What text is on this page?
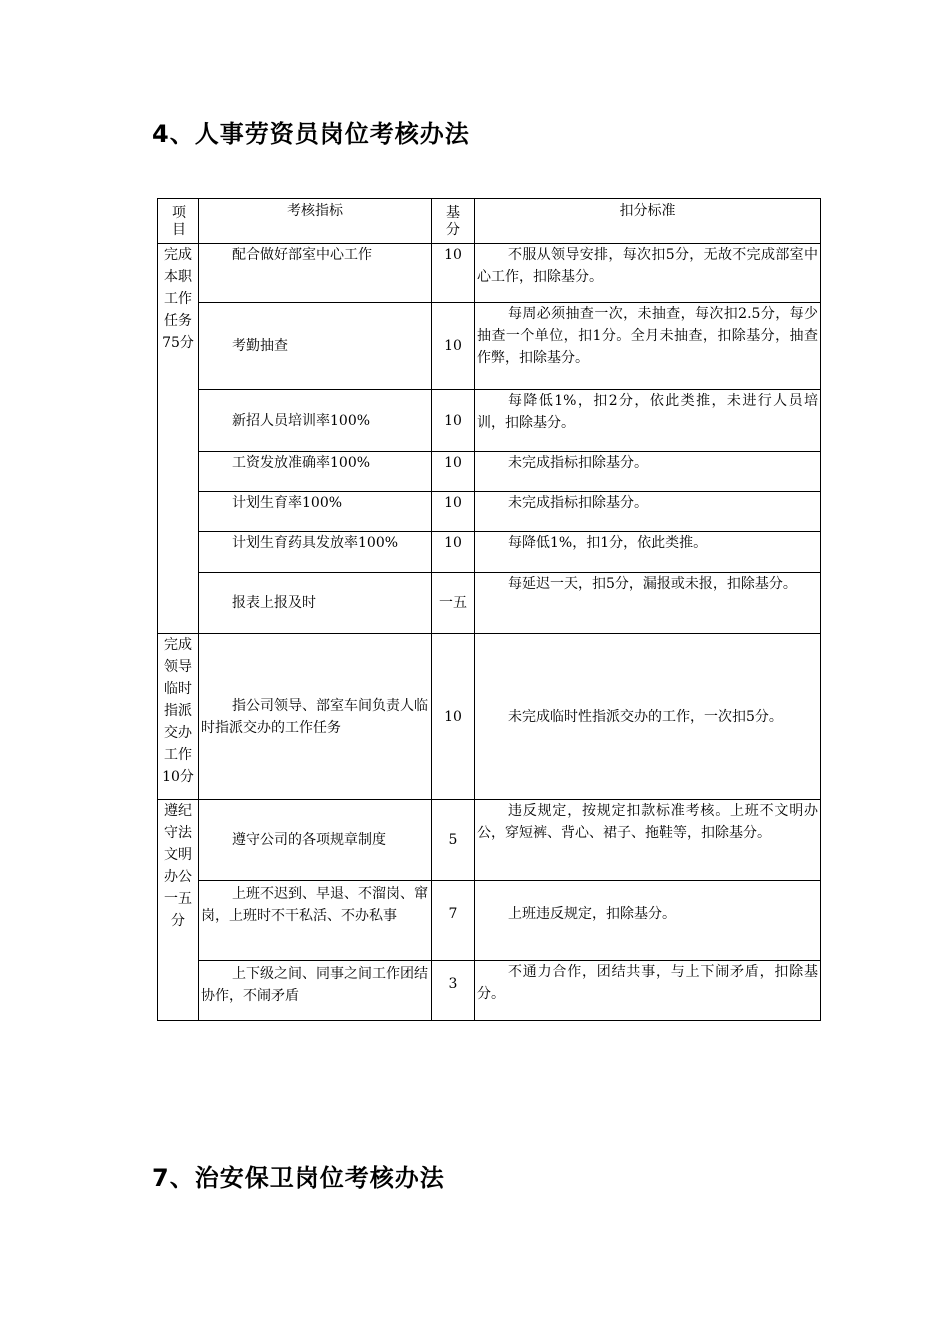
4、人事劳资员岗位考核办法
项目	考核指标	基分	扣分标准

完成本职工作任务75分	配合做好部室中心工作	10	不服从领导安排，每次扣5分，无故不完成部室中心工作，扣除基分。
	考勤抽查	10	每周必须抽查一次，未抽查，每次扣2.5分，每少抽查一个单位，扣1分。全月未抽查，扣除基分，抽查作弊，扣除基分。
	新招人员培训率100%	10	每降低1%，扣2分，依此类推，未进行人员培训，扣除基分。
	工资发放准确率100%	10	未完成指标扣除基分。
	计划生育率100%	10	未完成指标扣除基分。
	计划生育药具发放率100%	10	每降低1%，扣1分，依此类推。
	报表上报及时	一五	每延迟一天，扣5分，漏报或未报，扣除基分。

完成领导临时指派交办工作10分	指公司领导、部室车间负责人临时指派交办的工作任务	10	未完成临时性指派交办的工作，一次扣5分。

遵纪守法文明办公一五分	遵守公司的各项规章制度	5	违反规定，按规定扣款标准考核。上班不文明办公，穿短裤、背心、裙子、拖鞋等，扣除基分。
	上班不迟到、早退、不溜岗、窜岗，上班时不干私活、不办私事	7	上班违反规定，扣除基分。
	上下级之间、同事之间工作团结协作，不闹矛盾	3	不通力合作，团结共事，与上下闹矛盾，扣除基分。
7、治安保卫岗位考核办法
